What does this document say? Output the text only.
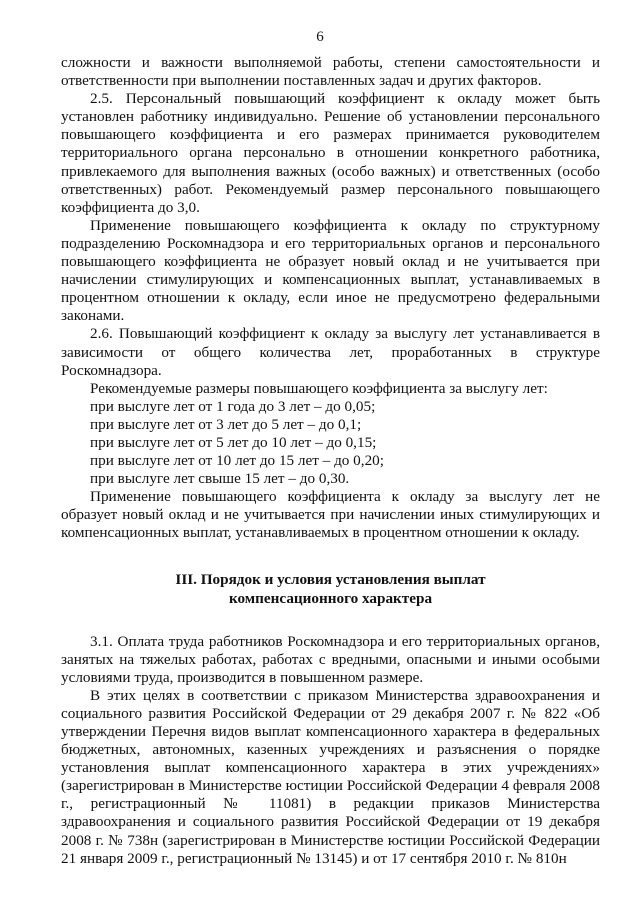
6

сложности и важности выполняемой работы, степени самостоятельности и ответственности при выполнении поставленных задач и других факторов.

2.5. Персональный повышающий коэффициент к окладу может быть установлен работнику индивидуально. Решение об установлении персонального повышающего коэффициента и его размерах принимается руководителем территориального органа персонально в отношении конкретного работника, привлекаемого для выполнения важных (особо важных) и ответственных (особо ответственных) работ. Рекомендуемый размер персонального повышающего коэффициента до 3,0.

Применение повышающего коэффициента к окладу по структурному подразделению Роскомнадзора и его территориальных органов и персонального повышающего коэффициента не образует новый оклад и не учитывается при начислении стимулирующих и компенсационных выплат, устанавливаемых в процентном отношении к окладу, если иное не предусмотрено федеральными законами.

2.6. Повышающий коэффициент к окладу за выслугу лет устанавливается в зависимости от общего количества лет, проработанных в структуре Роскомнадзора.

Рекомендуемые размеры повышающего коэффициента за выслугу лет:

при выслуге лет от 1 года до 3 лет – до 0,05;

при выслуге лет от 3 лет до 5 лет – до 0,1;

при выслуге лет от 5 лет до 10 лет – до 0,15;

при выслуге лет от 10 лет до 15 лет – до 0,20;

при выслуге лет свыше 15 лет – до 0,30.

Применение повышающего коэффициента к окладу за выслугу лет не образует новый оклад и не учитывается при начислении иных стимулирующих и компенсационных выплат, устанавливаемых в процентном отношении к окладу.

III. Порядок и условия установления выплат

компенсационного характера

3.1. Оплата труда работников Роскомнадзора и его территориальных органов, занятых на тяжелых работах, работах с вредными, опасными и иными особыми условиями труда, производится в повышенном размере.

В этих целях в соответствии с приказом Министерства здравоохранения и социального развития Российской Федерации от 29 декабря 2007 г. № 822 «Об утверждении Перечня видов выплат компенсационного характера в федеральных бюджетных, автономных, казенных учреждениях и разъяснения о порядке установления выплат компенсационного характера в этих учреждениях» (зарегистрирован в Министерстве юстиции Российской Федерации 4 февраля 2008 г., регистрационный № 11081) в редакции приказов Министерства здравоохранения и социального развития Российской Федерации от 19 декабря 2008 г. № 738н (зарегистрирован в Министерстве юстиции Российской Федерации 21 января 2009 г., регистрационный № 13145) и от 17 сентября 2010 г. № 810н
